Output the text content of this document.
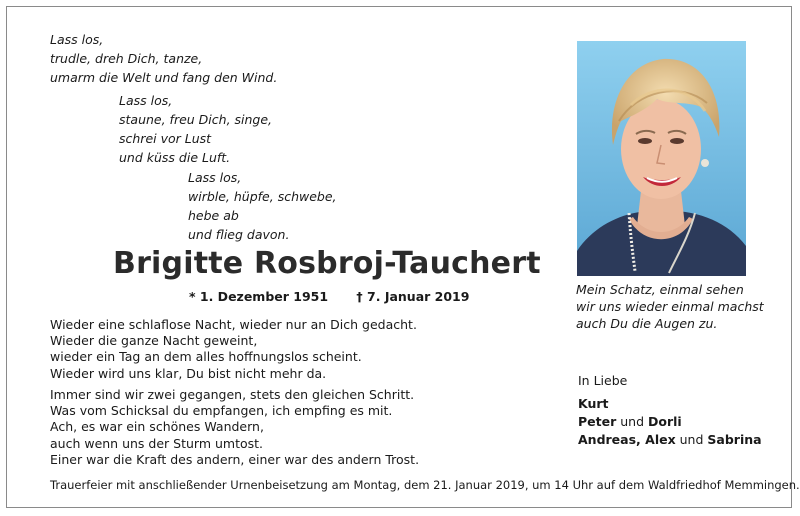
Lass los,
trudle, dreh Dich, tanze,
umarm die Welt und fang den Wind.
Lass los,
staune, freu Dich, singe,
schrei vor Lust
und küss die Luft.
Lass los,
wirble, hüpfe, schwebe,
hebe ab
und flieg davon.
Brigitte Rosbroj-Tauchert
* 1. Dezember 1951 † 7. Januar 2019
Wieder eine schlaflose Nacht, wieder nur an Dich gedacht.
Wieder die ganze Nacht geweint,
wieder ein Tag an dem alles hoffnungslos scheint.
Wieder wird uns klar, Du bist nicht mehr da.
Immer sind wir zwei gegangen, stets den gleichen Schritt.
Was vom Schicksal du empfangen, ich empfing es mit.
Ach, es war ein schönes Wandern,
auch wenn uns der Sturm umtost.
Einer war die Kraft des andern, einer war des andern Trost.
Mein Schatz, einmal sehen
wir uns wieder einmal machst
auch Du die Augen zu.
In Liebe
Kurt
Peter und Dorli
Andreas, Alex und Sabrina
Trauerfeier mit anschließender Urnenbeisetzung am Montag, dem 21. Januar 2019, um 14 Uhr auf dem Waldfriedhof Memmingen.
